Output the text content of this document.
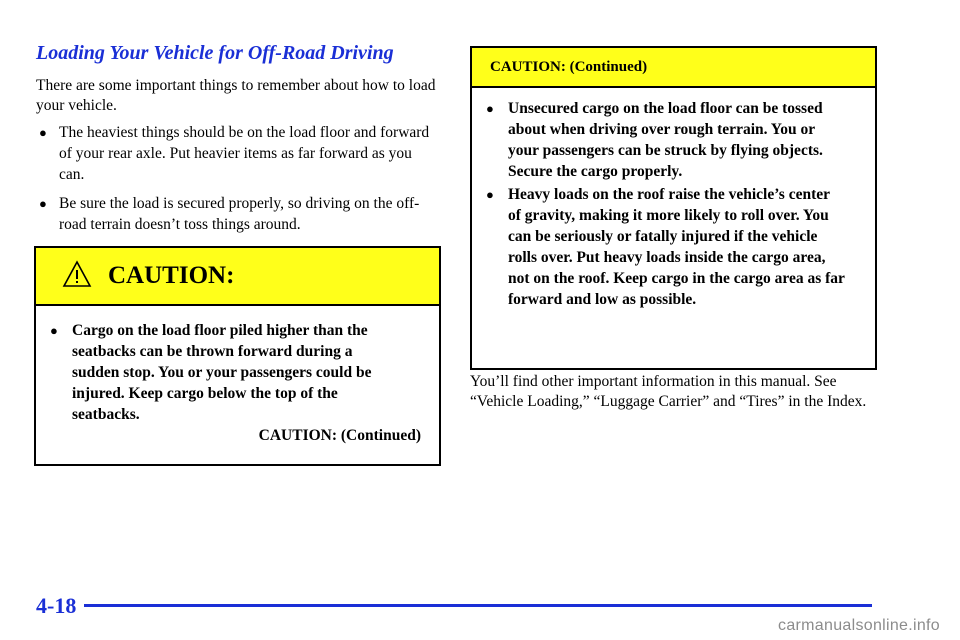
Loading Your Vehicle for Off-Road Driving
There are some important things to remember about how to load your vehicle.
● The heaviest things should be on the load floor and forward of your rear axle. Put heavier items as far forward as you can.
● Be sure the load is secured properly, so driving on the off-road terrain doesn’t toss things around.
CAUTION:
● Cargo on the load floor piled higher than the seatbacks can be thrown forward during a sudden stop. You or your passengers could be injured. Keep cargo below the top of the seatbacks.
CAUTION: (Continued)
CAUTION: (Continued)
● Unsecured cargo on the load floor can be tossed about when driving over rough terrain. You or your passengers can be struck by flying objects. Secure the cargo properly.
● Heavy loads on the roof raise the vehicle’s center of gravity, making it more likely to roll over. You can be seriously or fatally injured if the vehicle rolls over. Put heavy loads inside the cargo area, not on the roof. Keep cargo in the cargo area as far forward and low as possible.
You’ll find other important information in this manual. See “Vehicle Loading,” “Luggage Carrier” and “Tires” in the Index.
4-18
carmanualsonline.info
